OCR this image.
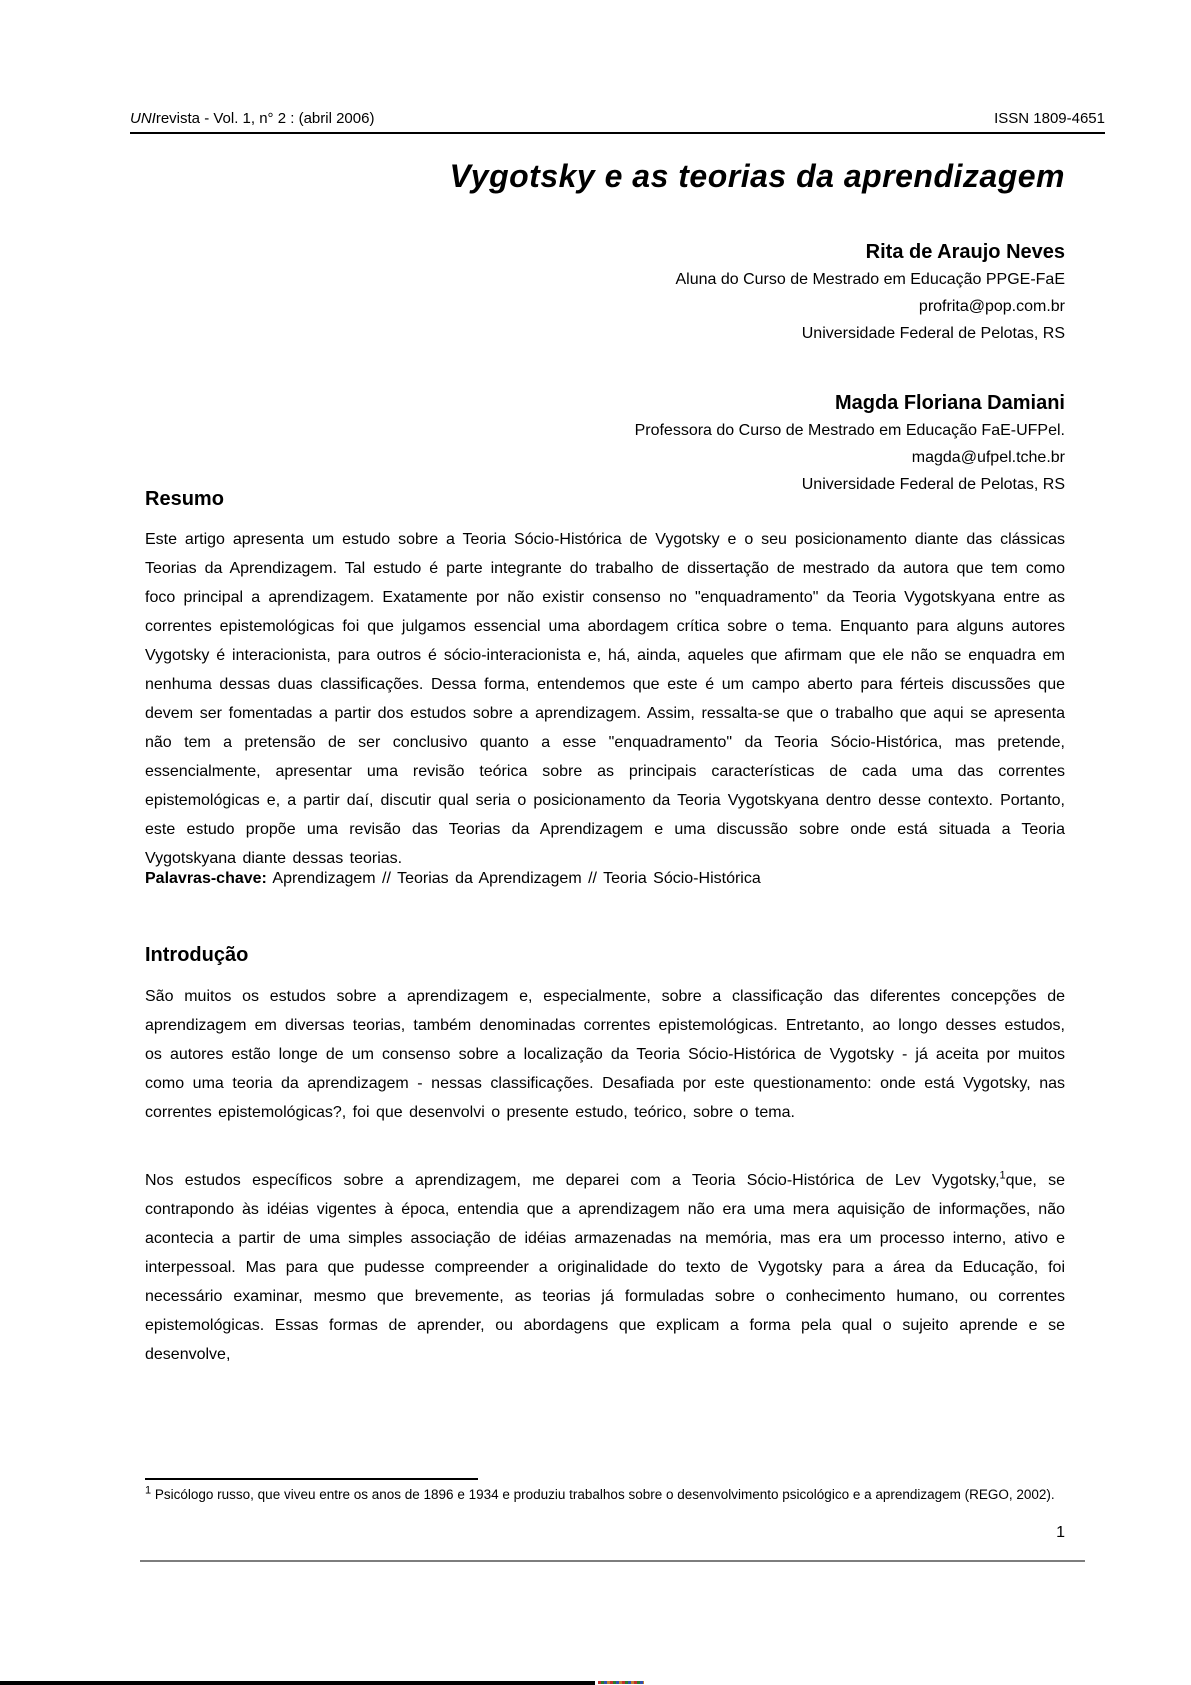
UNIrevista - Vol. 1, n° 2 : (abril 2006)	ISSN 1809-4651
Vygotsky e as teorias da aprendizagem
Rita de Araujo Neves
Aluna do Curso de Mestrado em Educação PPGE-FaE
profrita@pop.com.br
Universidade Federal de Pelotas, RS
Magda Floriana Damiani
Professora do Curso de Mestrado em Educação FaE-UFPel.
magda@ufpel.tche.br
Universidade Federal de Pelotas, RS
Resumo
Este artigo apresenta um estudo sobre a Teoria Sócio-Histórica de Vygotsky e o seu posicionamento diante das clássicas Teorias da Aprendizagem. Tal estudo é parte integrante do trabalho de dissertação de mestrado da autora que tem como foco principal a aprendizagem. Exatamente por não existir consenso no "enquadramento" da Teoria Vygotskyana entre as correntes epistemológicas foi que julgamos essencial uma abordagem crítica sobre o tema. Enquanto para alguns autores Vygotsky é interacionista, para outros é sócio-interacionista e, há, ainda, aqueles que afirmam que ele não se enquadra em nenhuma dessas duas classificações. Dessa forma, entendemos que este é um campo aberto para férteis discussões que devem ser fomentadas a partir dos estudos sobre a aprendizagem. Assim, ressalta-se que o trabalho que aqui se apresenta não tem a pretensão de ser conclusivo quanto a esse "enquadramento" da Teoria Sócio-Histórica, mas pretende, essencialmente, apresentar uma revisão teórica sobre as principais características de cada uma das correntes epistemológicas e, a partir daí, discutir qual seria o posicionamento da Teoria Vygotskyana dentro desse contexto. Portanto, este estudo propõe uma revisão das Teorias da Aprendizagem e uma discussão sobre onde está situada a Teoria Vygotskyana diante dessas teorias.
Palavras-chave: Aprendizagem // Teorias da Aprendizagem // Teoria Sócio-Histórica
Introdução
São muitos os estudos sobre a aprendizagem e, especialmente, sobre a classificação das diferentes concepções de aprendizagem em diversas teorias, também denominadas correntes epistemológicas. Entretanto, ao longo desses estudos, os autores estão longe de um consenso sobre a localização da Teoria Sócio-Histórica de Vygotsky - já aceita por muitos como uma teoria da aprendizagem - nessas classificações. Desafiada por este questionamento: onde está Vygotsky, nas correntes epistemológicas?, foi que desenvolvi o presente estudo, teórico, sobre o tema.
Nos estudos específicos sobre a aprendizagem, me deparei com a Teoria Sócio-Histórica de Lev Vygotsky,$^1$que, se contrapondo às idéias vigentes à época, entendia que a aprendizagem não era uma mera aquisição de informações, não acontecia a partir de uma simples associação de idéias armazenadas na memória, mas era um processo interno, ativo e interpessoal. Mas para que pudesse compreender a originalidade do texto de Vygotsky para a área da Educação, foi necessário examinar, mesmo que brevemente, as teorias já formuladas sobre o conhecimento humano, ou correntes epistemológicas. Essas formas de aprender, ou abordagens que explicam a forma pela qual o sujeito aprende e se desenvolve,
$^1$ Psicólogo russo, que viveu entre os anos de 1896 e 1934 e produziu trabalhos sobre o desenvolvimento psicológico e a aprendizagem (REGO, 2002).
1
